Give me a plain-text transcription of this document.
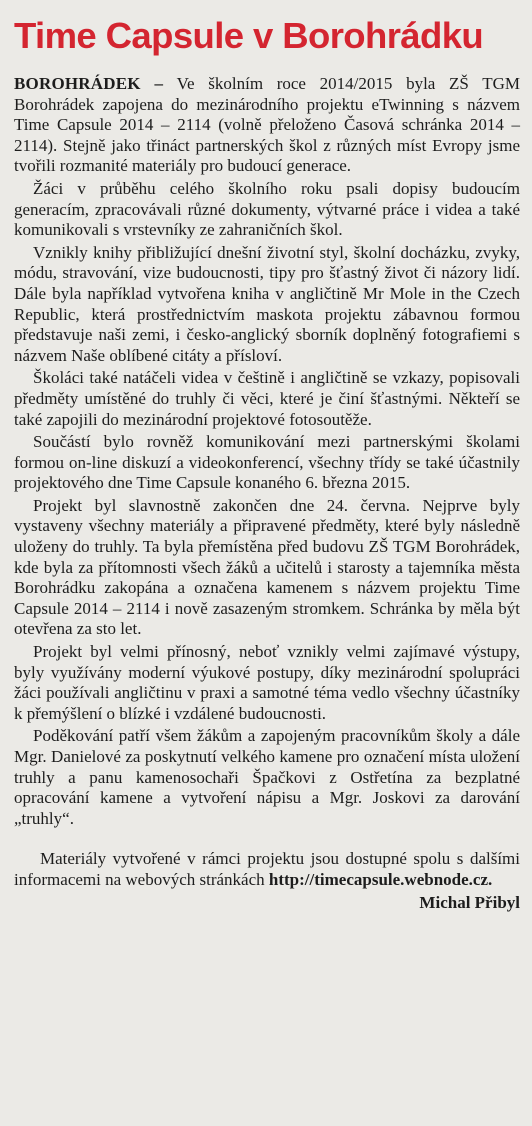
Time Capsule v Borohrádku

BOROHRÁDEK – Ve školním roce 2014/2015 byla ZŠ TGM Borohrádek zapojena do mezinárodního projektu eTwinning s názvem Time Capsule 2014 – 2114 (volně přeloženo Časová schránka 2014 – 2114). Stejně jako třináct partnerských škol z různých míst Evropy jsme tvořili rozmanité materiály pro budoucí generace.

Žáci v průběhu celého školního roku psali dopisy budoucím generacím, zpracovávali různé dokumenty, výtvarné práce i videa a také komunikovali s vrstevníky ze zahraničních škol.

Vznikly knihy přibližující dnešní životní styl, školní docházku, zvyky, módu, stravování, vize budoucnosti, tipy pro šťastný život či názory lidí. Dále byla například vytvořena kniha v angličtině Mr Mole in the Czech Republic, která prostřednictvím maskota projektu zábavnou formou představuje naši zemi, i česko-anglický sborník doplněný fotografiemi s názvem Naše oblíbené citáty a přísloví.

Školáci také natáčeli videa v češtině i angličtině se vzkazy, popisovali předměty umístěné do truhly či věci, které je činí šťastnými. Někteří se také zapojili do mezinárodní projektové fotosoutěže.

Součástí bylo rovněž komunikování mezi partnerskými školami formou on-line diskuzí a videokonferencí, všechny třídy se také účastnily projektového dne Time Capsule konaného 6. března 2015.

Projekt byl slavnostně zakončen dne 24. června. Nejprve byly vystaveny všechny materiály a připravené předměty, které byly následně uloženy do truhly. Ta byla přemístěna před budovu ZŠ TGM Borohrádek, kde byla za přítomnosti všech žáků a učitelů i starosty a tajemníka města Borohrádku zakopána a označena kamenem s názvem projektu Time Capsule 2014 – 2114 i nově zasazeným stromkem. Schránka by měla být otevřena za sto let.

Projekt byl velmi přínosný, neboť vznikly velmi zajímavé výstupy, byly využívány moderní výukové postupy, díky mezinárodní spolupráci žáci používali angličtinu v praxi a samotné téma vedlo všechny účastníky k přemýšlení o blízké i vzdálené budoucnosti.

Poděkování patří všem žákům a zapojeným pracovníkům školy a dále Mgr. Danielové za poskytnutí velkého kamene pro označení místa uložení truhly a panu kamenosochaři Špačkovi z Ostřetína za bezplatné opracování kamene a vytvoření nápisu a Mgr. Joskovi za darování „truhly“.

Materiály vytvořené v rámci projektu jsou dostupné spolu s dalšími informacemi na webových stránkách http://timecapsule.webnode.cz.

Michal Přibyl
